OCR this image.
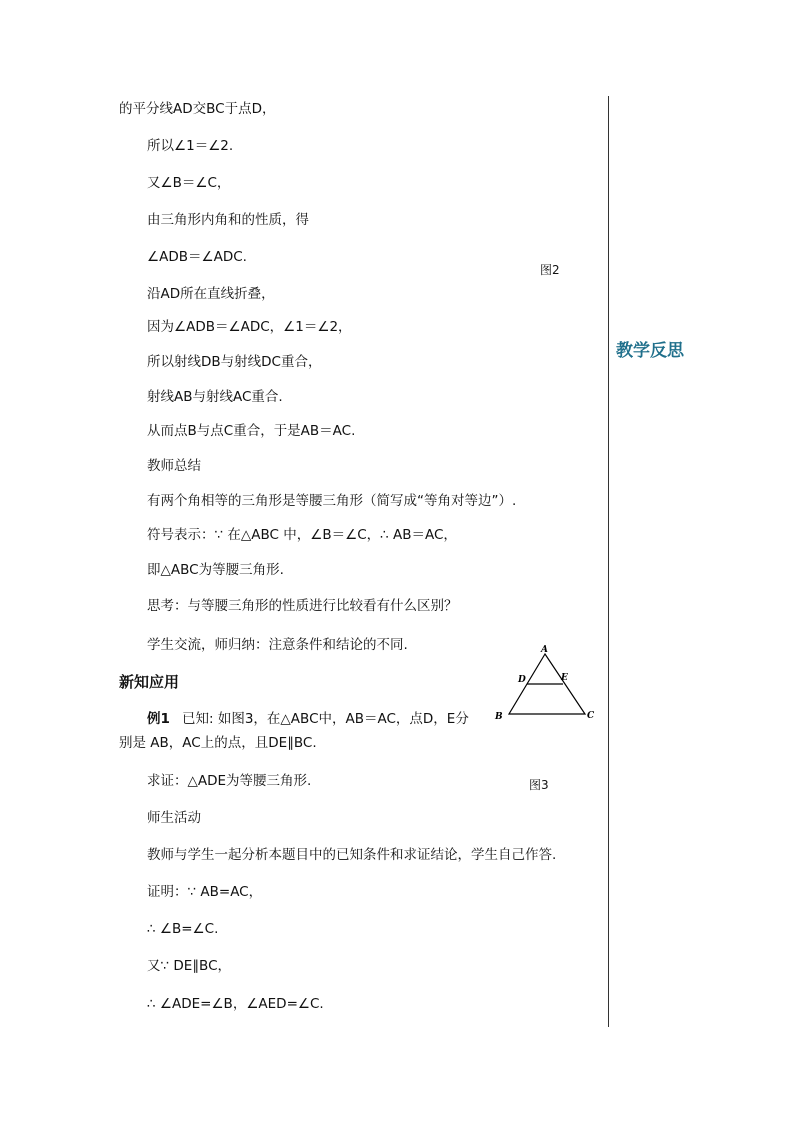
的平分线AD交BC于点D，
所以∠1＝∠2.
又∠B＝∠C，
由三角形内角和的性质，得
∠ADB＝∠ADC.
沿AD所在直线折叠，
因为∠ADB＝∠ADC，∠1＝∠2，
所以射线DB与射线DC重合，
射线AB与射线AC重合.
从而点B与点C重合，于是AB＝AC.
教师总结
有两个角相等的三角形是等腰三角形（简写成“等角对等边”）.
符号表示：∵ 在△ABC 中，∠B＝∠C，∴ AB＝AC，
即△ABC为等腰三角形.
思考：与等腰三角形的性质进行比较看有什么区别？
学生交流，师归纳：注意条件和结论的不同.
新知应用
例1 已知: 如图3，在△ABC中，AB＝AC，点D，E分
别是 AB，AC上的点，且DE∥BC.
求证：△ADE为等腰三角形.
师生活动
教师与学生一起分析本题目中的已知条件和求证结论，学生自己作答.
证明：∵ AB=AC，
∴ ∠B=∠C.
又∵ DE∥BC，
∴ ∠ADE=∠B，∠AED=∠C.
图2
A
B	C
D	E
图3
教学反思
